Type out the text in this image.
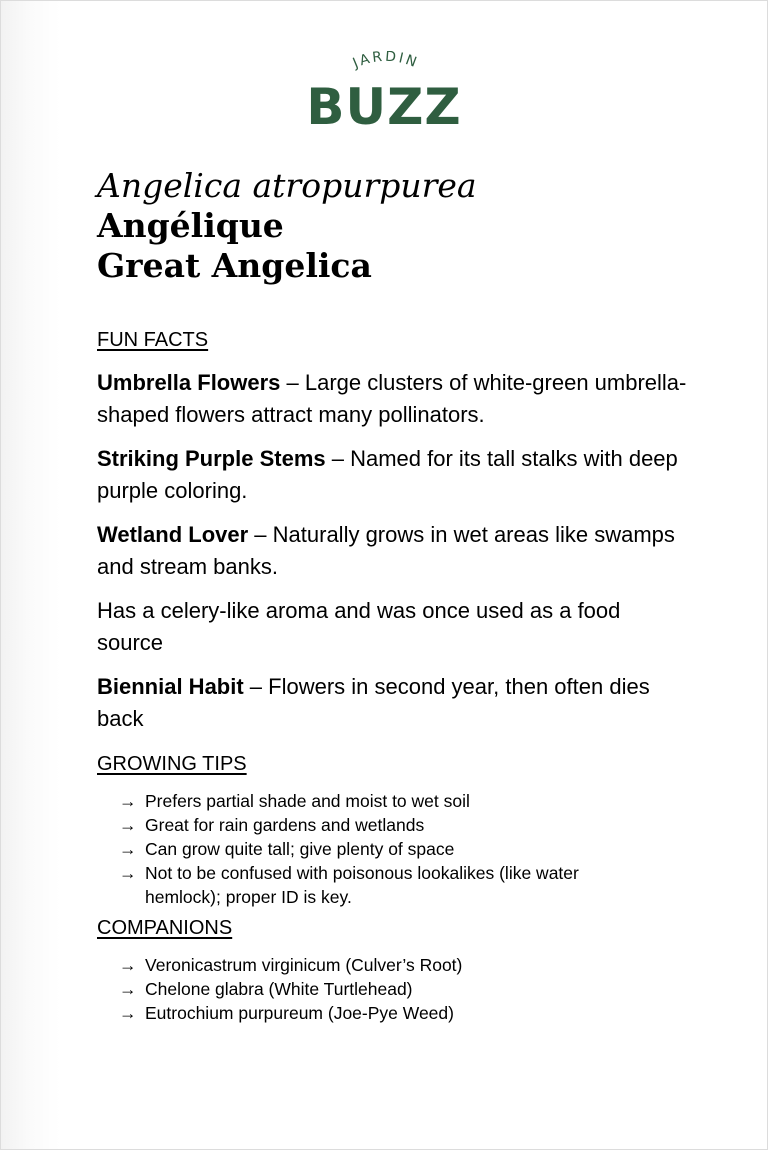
JARDIN
BUZZ
Angelica atropurpurea
Angélique
Great Angelica
FUN FACTS
Umbrella Flowers – Large clusters of white-green umbrella-shaped flowers attract many pollinators.
Striking Purple Stems – Named for its tall stalks with deep purple coloring.
Wetland Lover – Naturally grows in wet areas like swamps and stream banks.
Has a celery-like aroma and was once used as a food source
Biennial Habit – Flowers in second year, then often dies back
GROWING TIPS
→ Prefers partial shade and moist to wet soil
→ Great for rain gardens and wetlands
→ Can grow quite tall; give plenty of space
→ Not to be confused with poisonous lookalikes (like water hemlock); proper ID is key.
COMPANIONS
→ Veronicastrum virginicum (Culver’s Root)
→ Chelone glabra (White Turtlehead)
→ Eutrochium purpureum (Joe-Pye Weed)
